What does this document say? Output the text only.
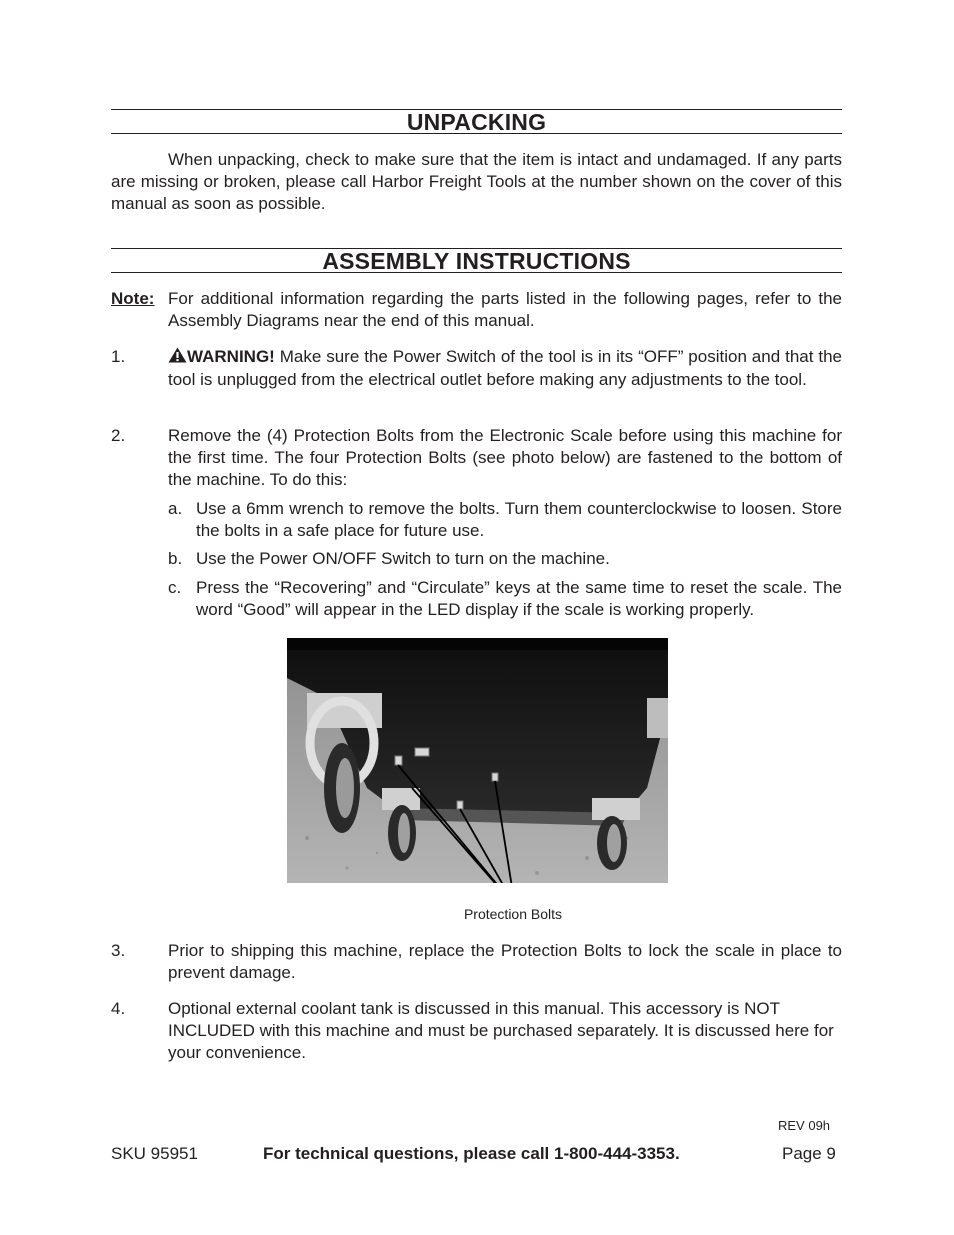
UNPACKING
When unpacking, check to make sure that the item is intact and undamaged. If any parts are missing or broken, please call Harbor Freight Tools at the number shown on the cover of this manual as soon as possible.
ASSEMBLY INSTRUCTIONS
Note: For additional information regarding the parts listed in the following pages, refer to the Assembly Diagrams near the end of this manual.
1.	WARNING! Make sure the Power Switch of the tool is in its “OFF” position and that the tool is unplugged from the electrical outlet before making any adjustments to the tool.
2.	Remove the (4) Protection Bolts from the Electronic Scale before using this machine for the first time. The four Protection Bolts (see photo below) are fastened to the bottom of the machine. To do this:
a. Use a 6mm wrench to remove the bolts. Turn them counterclockwise to loosen. Store the bolts in a safe place for future use.
b. Use the Power ON/OFF Switch to turn on the machine.
c. Press the “Recovering” and “Circulate” keys at the same time to reset the scale. The word “Good” will appear in the LED display if the scale is working properly.
Protection Bolts
3.	Prior to shipping this machine, replace the Protection Bolts to lock the scale in place to prevent damage.
4.	Optional external coolant tank is discussed in this manual. This accessory is NOT INCLUDED with this machine and must be purchased separately. It is discussed here for your convenience.
REV 09h
SKU 95951	For technical questions, please call 1-800-444-3353.	Page 9
